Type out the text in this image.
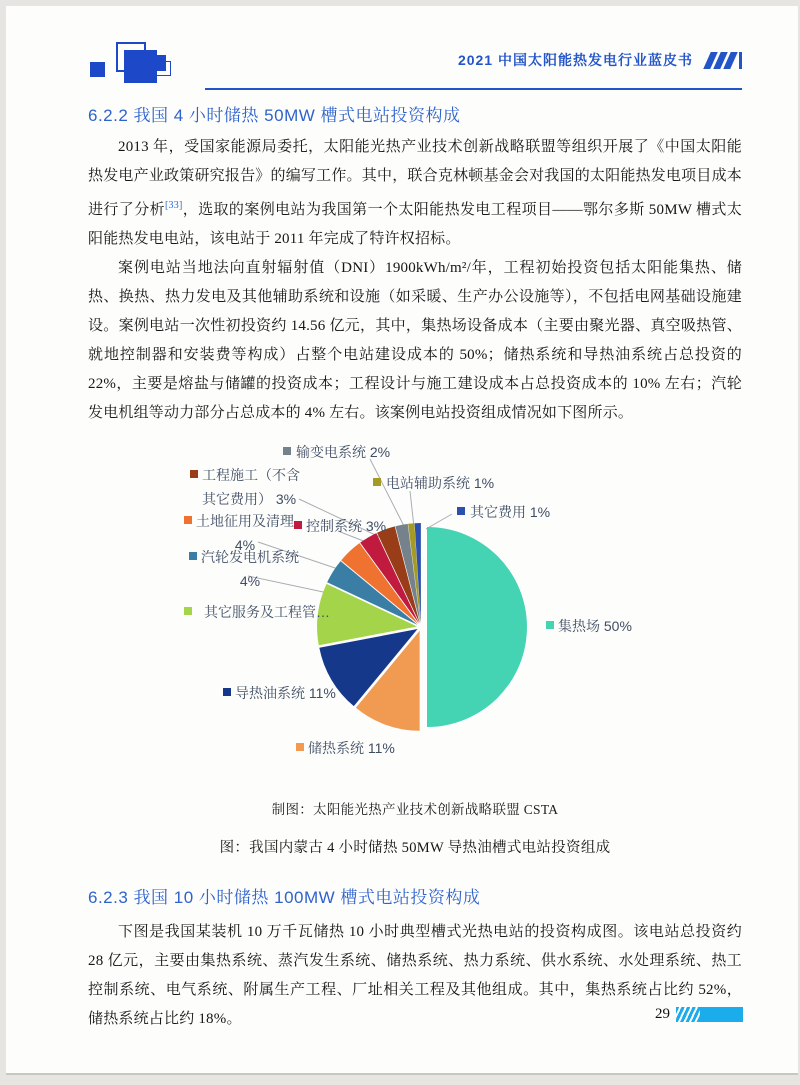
2021 中国太阳能热发电行业蓝皮书
6.2.2 我国 4 小时储热 50MW 槽式电站投资构成

2013 年，受国家能源局委托，太阳能光热产业技术创新战略联盟等组织开展了《中国太阳能热发电产业政策研究报告》的编写工作。其中，联合克林顿基金会对我国的太阳能热发电项目成本进行了分析[33]，选取的案例电站为我国第一个太阳能热发电工程项目——鄂尔多斯 50MW 槽式太阳能热发电电站，该电站于 2011 年完成了特许权招标。

案例电站当地法向直射辐射值（DNI）1900kWh/m²/年，工程初始投资包括太阳能集热、储热、换热、热力发电及其他辅助系统和设施（如采暖、生产办公设施等），不包括电网基础设施建设。案例电站一次性初投资约 14.56 亿元，其中，集热场设备成本（主要由聚光器、真空吸热管、就地控制器和安装费等构成）占整个电站建设成本的 50%；储热系统和导热油系统占总投资的 22%，主要是熔盐与储罐的投资成本；工程设计与施工建设成本占总投资成本的 10% 左右；汽轮发电机组等动力部分占总成本的 4% 左右。该案例电站投资组成情况如下图所示。

输变电系统 2%
工程施工（不含
其它费用） 3%
电站辅助系统 1%
土地征用及清理
4%
控制系统 3%
其它费用 1%
汽轮发电机系统
4%
其它服务及工程管…
集热场 50%
导热油系统 11%
储热系统 11%

制图：太阳能光热产业技术创新战略联盟 CSTA

图：我国内蒙古 4 小时储热 50MW 导热油槽式电站投资组成

6.2.3 我国 10 小时储热 100MW 槽式电站投资构成

下图是我国某装机 10 万千瓦储热 10 小时典型槽式光热电站的投资构成图。该电站总投资约 28 亿元，主要由集热系统、蒸汽发生系统、储热系统、热力系统、供水系统、水处理系统、热工控制系统、电气系统、附属生产工程、厂址相关工程及其他组成。其中，集热系统占比约 52%，储热系统占比约 18%。	29
